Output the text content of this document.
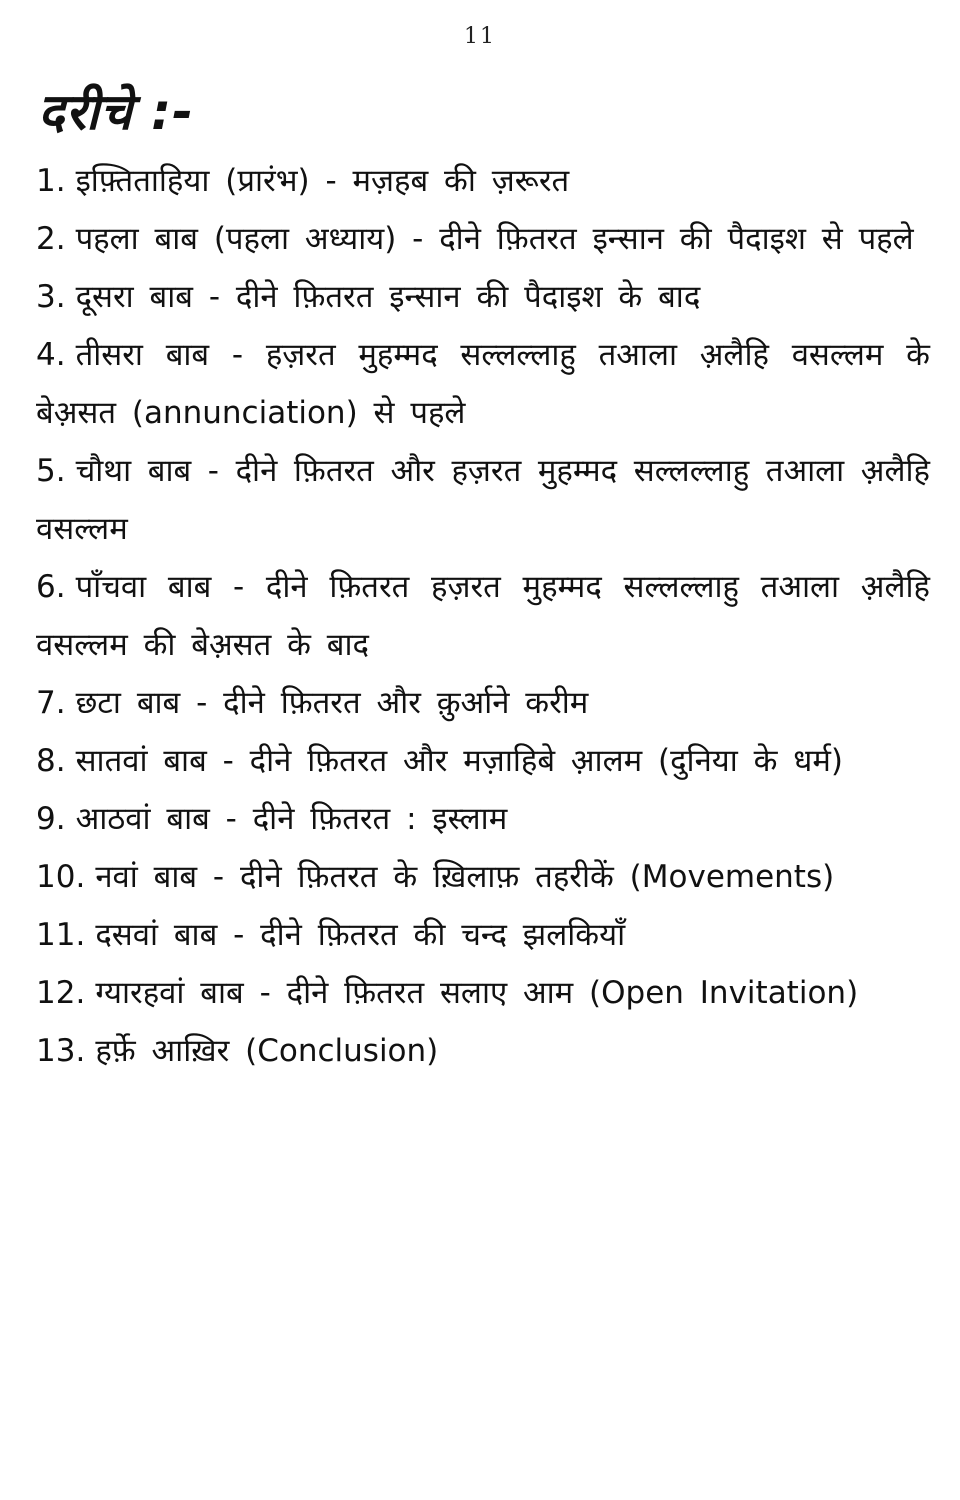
11
दरीचे :-
1. इफ़्तिताहिया (प्रारंभ) - मज़हब की ज़रूरत
2. पहला बाब (पहला अध्याय) - दीने फ़ितरत इन्सान की पैदाइश से पहले
3. दूसरा बाब - दीने फ़ितरत इन्सान की पैदाइश के बाद
4. तीसरा बाब - हज़रत मुहम्मद सल्लल्लाहु तआला अ़लैहि वसल्लम के बेअ़सत (annunciation) से पहले
5. चौथा बाब - दीने फ़ितरत और हज़रत मुहम्मद सल्लल्लाहु तआला अ़लैहि वसल्लम
6. पाँचवा बाब - दीने फ़ितरत हज़रत मुहम्मद सल्लल्लाहु तआला अ़लैहि वसल्लम की बेअ़सत के बाद
7. छटा बाब - दीने फ़ितरत और क़ुर्आने करीम
8. सातवां बाब - दीने फ़ितरत और मज़ाहिबे आ़लम (दुनिया के धर्म)
9. आठवां बाब - दीने फ़ितरत : इस्लाम
10. नवां बाब - दीने फ़ितरत के ख़िलाफ़ तहरीकें (Movements)
11. दसवां बाब - दीने फ़ितरत की चन्द झलकियाँ
12. ग्यारहवां बाब - दीने फ़ितरत सलाए आम (Open Invitation)
13. हर्फ़े आख़िर (Conclusion)
